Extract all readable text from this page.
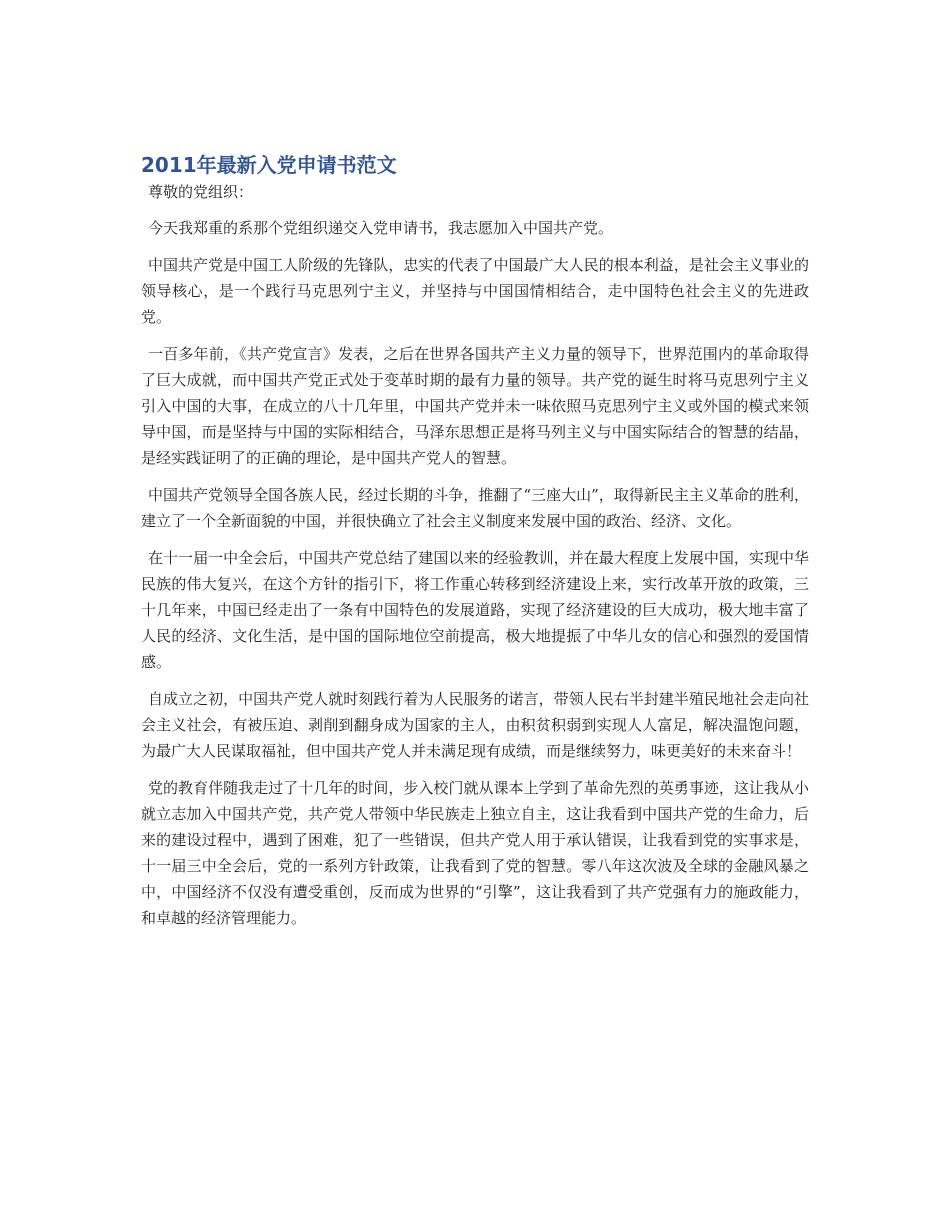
2011年最新入党申请书范文

尊敬的党组织：

今天我郑重的系那个党组织递交入党申请书，我志愿加入中国共产党。

中国共产党是中国工人阶级的先锋队，忠实的代表了中国最广大人民的根本利益，是社会主义事业的领导核心，是一个践行马克思列宁主义，并坚持与中国国情相结合，走中国特色社会主义的先进政党。

一百多年前，《共产党宣言》发表，之后在世界各国共产主义力量的领导下，世界范围内的革命取得了巨大成就，而中国共产党正式处于变革时期的最有力量的领导。共产党的诞生时将马克思列宁主义引入中国的大事，在成立的八十几年里，中国共产党并未一味依照马克思列宁主义或外国的模式来领导中国，而是坚持与中国的实际相结合，马泽东思想正是将马列主义与中国实际结合的智慧的结晶，是经实践证明了的正确的理论，是中国共产党人的智慧。

中国共产党领导全国各族人民，经过长期的斗争，推翻了“三座大山”，取得新民主主义革命的胜利，建立了一个全新面貌的中国，并很快确立了社会主义制度来发展中国的政治、经济、文化。

在十一届一中全会后，中国共产党总结了建国以来的经验教训，并在最大程度上发展中国，实现中华民族的伟大复兴，在这个方针的指引下，将工作重心转移到经济建设上来，实行改革开放的政策，三十几年来，中国已经走出了一条有中国特色的发展道路，实现了经济建设的巨大成功，极大地丰富了人民的经济、文化生活，是中国的国际地位空前提高，极大地提振了中华儿女的信心和强烈的爱国情感。

自成立之初，中国共产党人就时刻践行着为人民服务的诺言，带领人民右半封建半殖民地社会走向社会主义社会，有被压迫、剥削到翻身成为国家的主人，由积贫积弱到实现人人富足，解决温饱问题，为最广大人民谋取福祉，但中国共产党人并未满足现有成绩，而是继续努力，味更美好的未来奋斗！

党的教育伴随我走过了十几年的时间，步入校门就从课本上学到了革命先烈的英勇事迹，这让我从小就立志加入中国共产党，共产党人带领中华民族走上独立自主，这让我看到中国共产党的生命力，后来的建设过程中，遇到了困难，犯了一些错误，但共产党人用于承认错误，让我看到党的实事求是，十一届三中全会后，党的一系列方针政策，让我看到了党的智慧。零八年这次波及全球的金融风暴之中，中国经济不仅没有遭受重创，反而成为世界的“引擎”，这让我看到了共产党强有力的施政能力，和卓越的经济管理能力。
